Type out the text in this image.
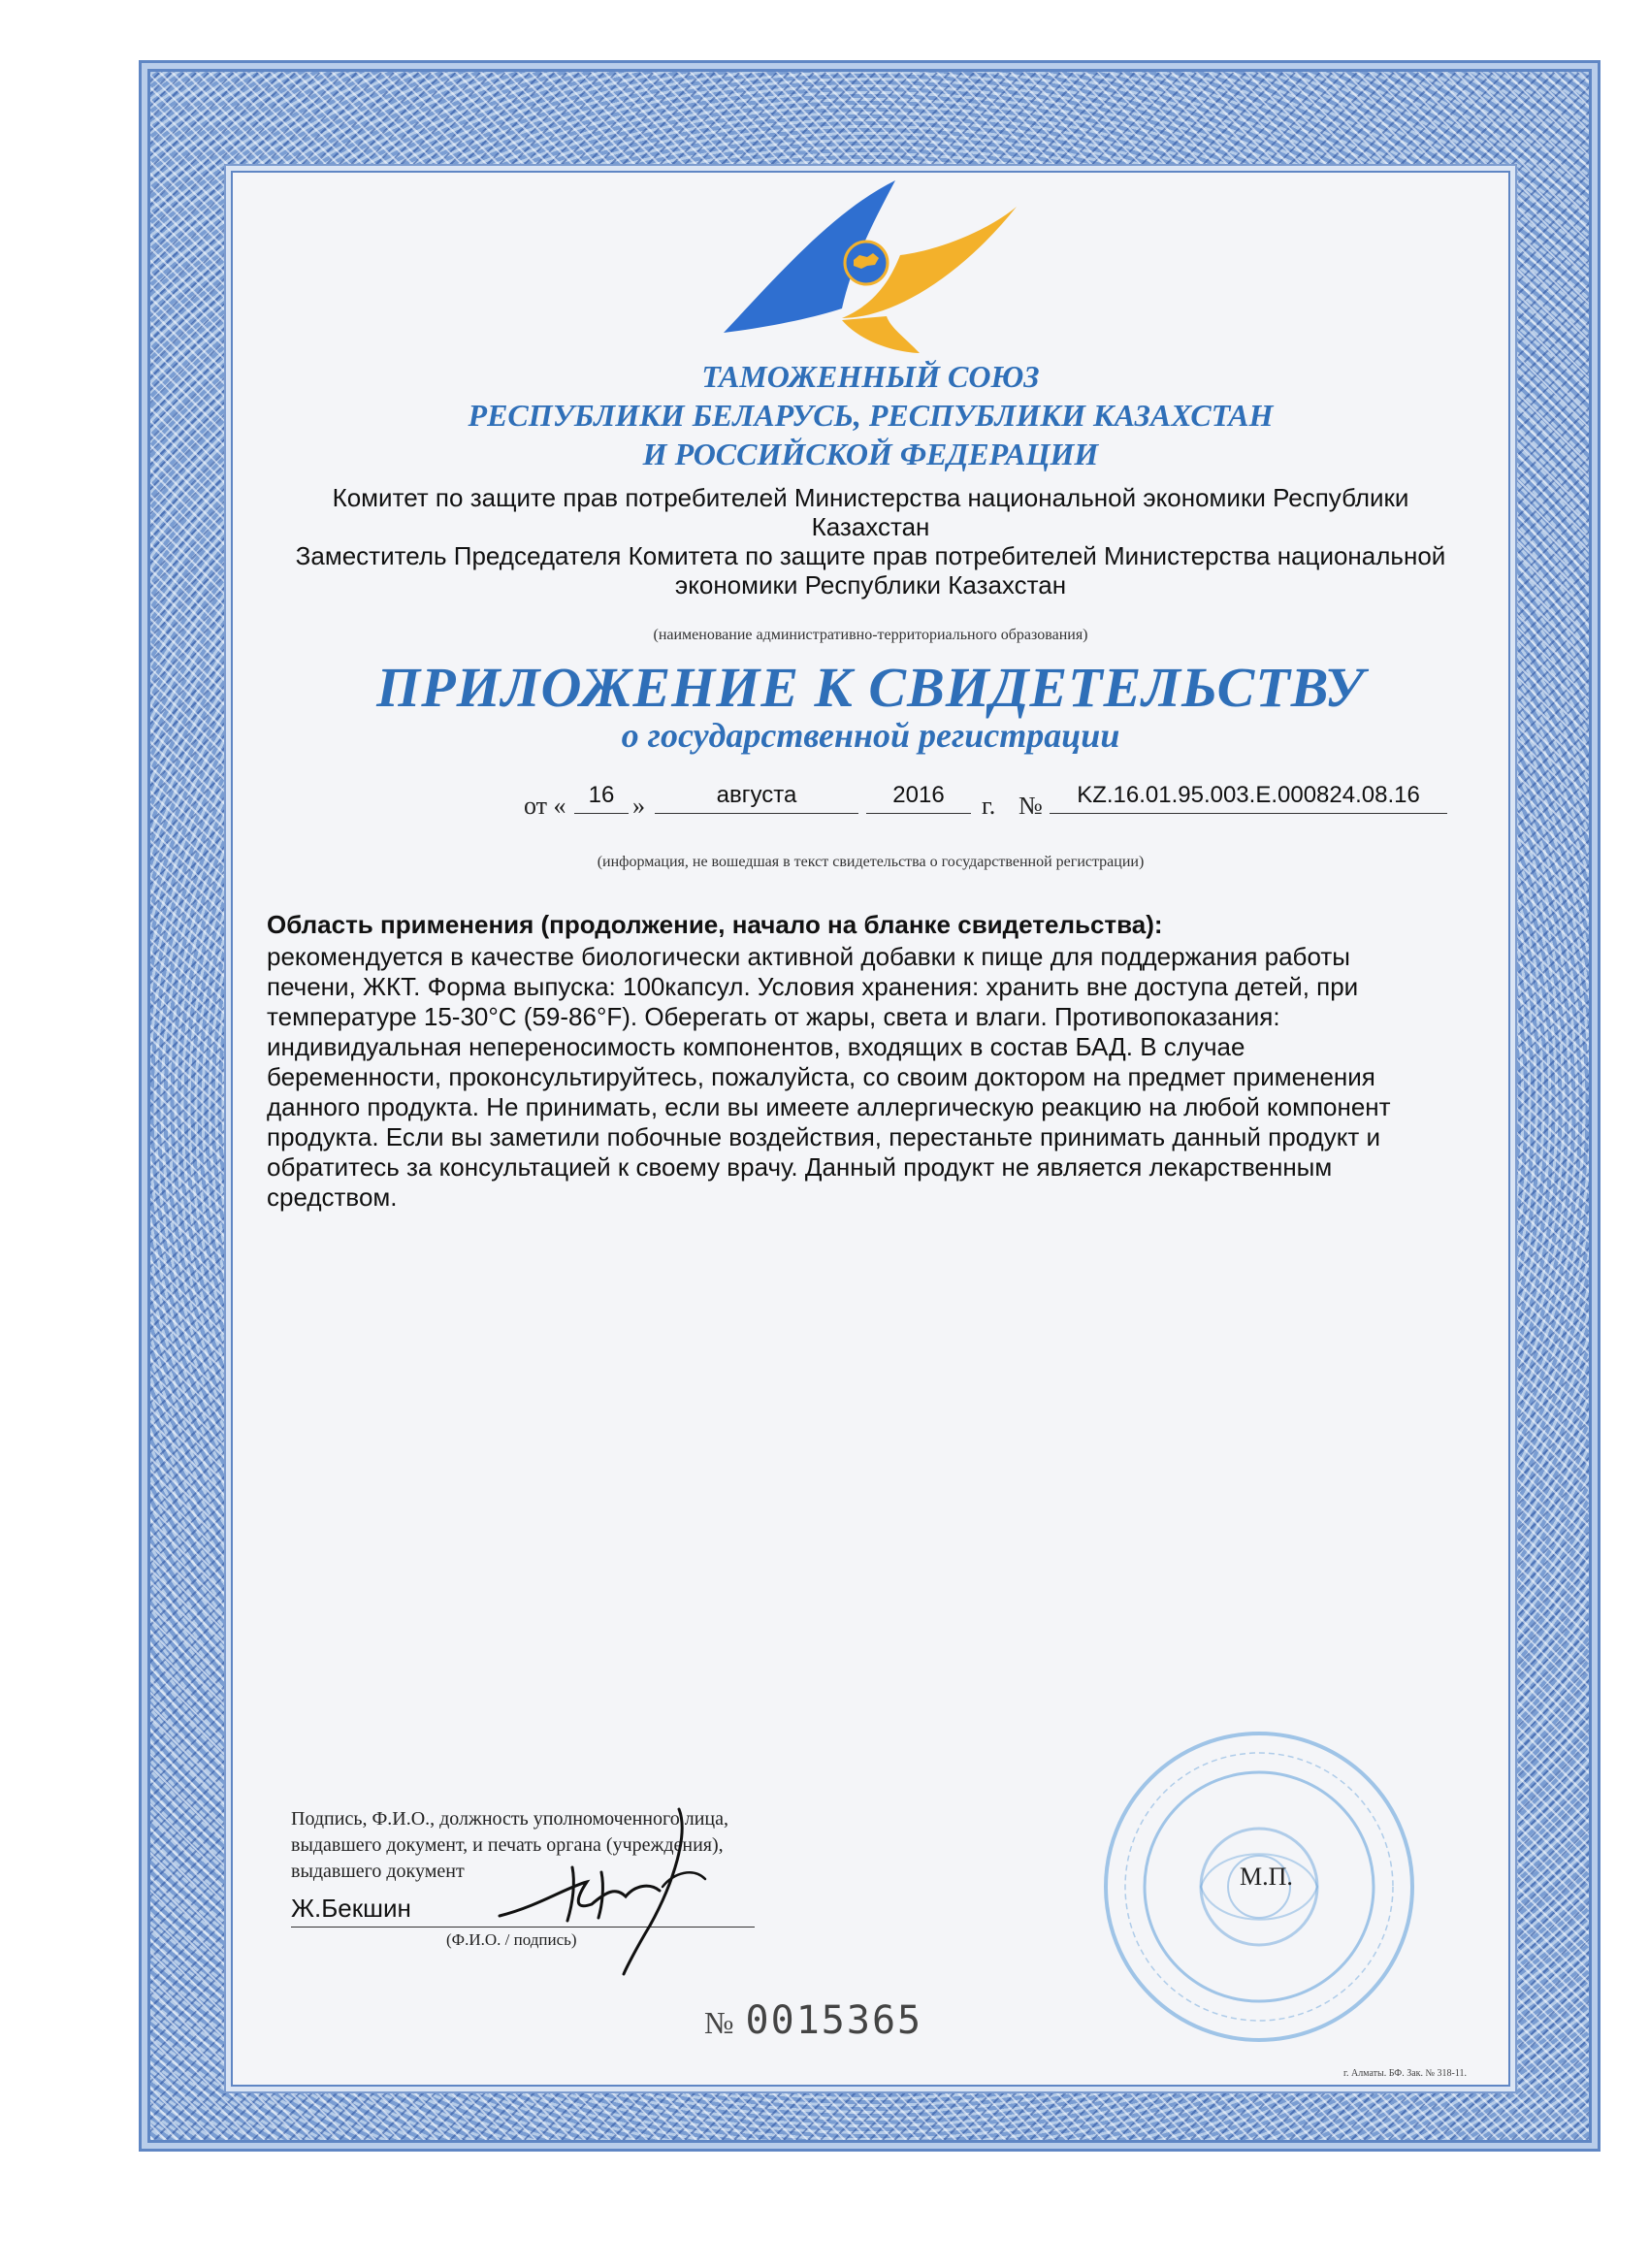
ТАМОЖЕННЫЙ СОЮЗ
РЕСПУБЛИКИ БЕЛАРУСЬ, РЕСПУБЛИКИ КАЗАХСТАН
И РОССИЙСКОЙ ФЕДЕРАЦИИ
Комитет по защите прав потребителей Министерства национальной экономики Республики
Казахстан
Заместитель Председателя Комитета по защите прав потребителей Министерства национальной
экономики Республики Казахстан
(наименование административно-территориального образования)
ПРИЛОЖЕНИЕ К СВИДЕТЕЛЬСТВУ
о государственной регистрации
от « 16 »	августа	2016	г. №	KZ.16.01.95.003.E.000824.08.16
(информация, не вошедшая в текст свидетельства о государственной регистрации)
Область применения (продолжение, начало на бланке свидетельства):
рекомендуется в качестве биологически активной добавки к пище для поддержания работы
печени, ЖКТ. Форма выпуска: 100капсул. Условия хранения: хранить вне доступа детей, при
температуре 15-30°C (59-86°F). Оберегать от жары, света и влаги. Противопоказания:
индивидуальная непереносимость компонентов, входящих в состав БАД. В случае
беременности, проконсультируйтесь, пожалуйста, со своим доктором на предмет применения
данного продукта. Не принимать, если вы имеете аллергическую реакцию на любой компонент
продукта. Если вы заметили побочные воздействия, перестаньте принимать данный продукт и
обратитесь за консультацией к своему врачу. Данный продукт не является лекарственным
средством.
М.П.
Подпись, Ф.И.О., должность уполномоченного лица,
выдавшего документ, и печать органа (учреждения),
выдавшего документ
Ж.Бекшин
(Ф.И.О. / подпись)
№ 0015365
г. Алматы. БФ. Зак. № 318-11.
